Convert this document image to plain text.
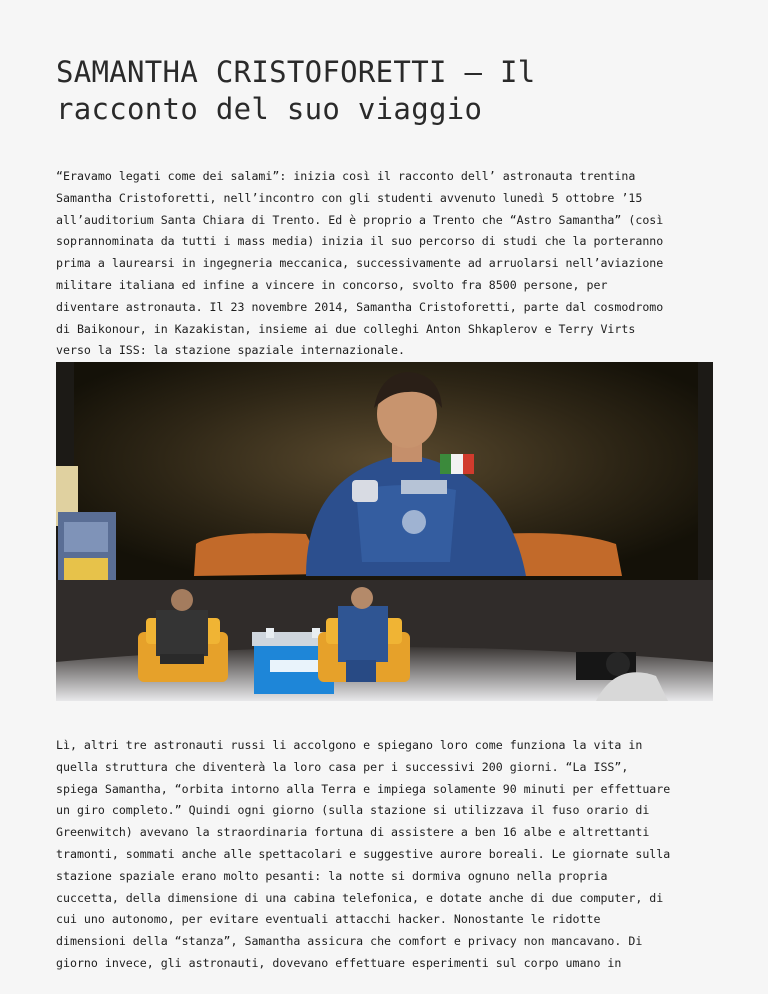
SAMANTHA CRISTOFORETTI – Il
racconto del suo viaggio

“Eravamo legati come dei salami”: inizia così il racconto dell’ astronauta trentina
Samantha Cristoforetti, nell’incontro con gli studenti avvenuto lunedì 5 ottobre ’15
all’auditorium Santa Chiara di Trento. Ed è proprio a Trento che “Astro Samantha” (così
soprannominata da tutti i mass media) inizia il suo percorso di studi che la porteranno
prima a laurearsi in ingegneria meccanica, successivamente ad arruolarsi nell’aviazione
militare italiana ed infine a vincere in concorso, svolto fra 8500 persone, per
diventare astronauta. Il 23 novembre 2014, Samantha Cristoforetti, parte dal cosmodromo
di Baikonour, in Kazakistan, insieme ai due colleghi Anton Shkaplerov e Terry Virts
verso la ISS: la stazione spaziale internazionale.

Lì, altri tre astronauti russi li accolgono e spiegano loro come funziona la vita in
quella struttura che diventerà la loro casa per i successivi 200 giorni. “La ISS”,
spiega Samantha, “orbita intorno alla Terra e impiega solamente 90 minuti per effettuare
un giro completo.” Quindi ogni giorno (sulla stazione si utilizzava il fuso orario di
Greenwitch) avevano la straordinaria fortuna di assistere a ben 16 albe e altrettanti
tramonti, sommati anche alle spettacolari e suggestive aurore boreali. Le giornate sulla
stazione spaziale erano molto pesanti: la notte si dormiva ognuno nella propria
cuccetta, della dimensione di una cabina telefonica, e dotate anche di due computer, di
cui uno autonomo, per evitare eventuali attacchi hacker. Nonostante le ridotte
dimensioni della “stanza”, Samantha assicura che comfort e privacy non mancavano. Di
giorno invece, gli astronauti, dovevano effettuare esperimenti sul corpo umano in
